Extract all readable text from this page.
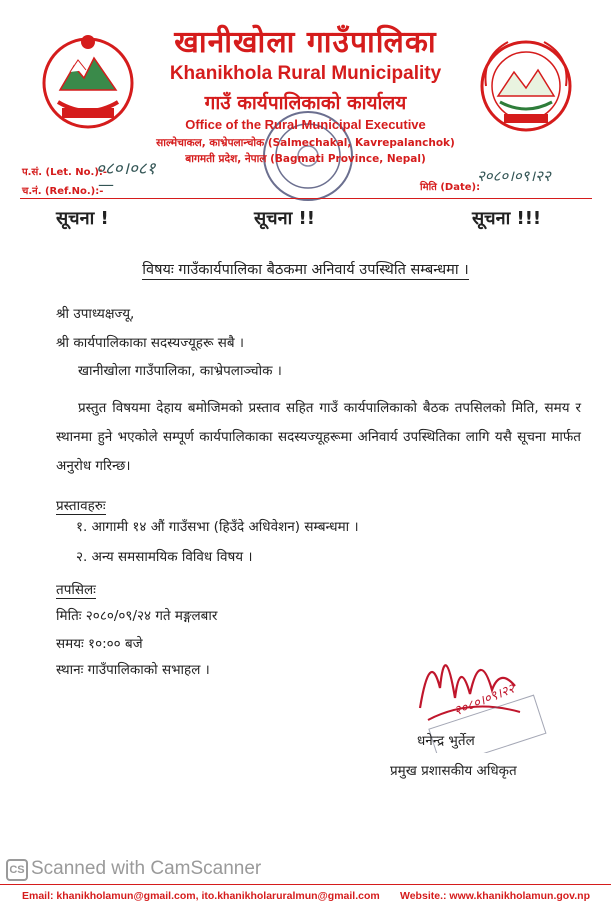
खानीखोला गाउँपालिका
Khanikhola Rural Municipality
गाउँ कार्यपालिकाको कार्यालय
Office of the Rural Municipal Executive
साल्मेचाकल, काभ्रेपलान्चोक (Salmechakal, Kavrepalanchok)
बागमती प्रदेश, नेपाल (Bagmati Province, Nepal)
प.सं. (Let. No.):-
०८०।०८१
च.नं. (Ref.No.):-
—	मिति (Date):
२०८०।०९।२२
सूचना !	सूचना !!	सूचना !!!
विषयः गाउँकार्यपालिका बैठकमा अनिवार्य उपस्थिति सम्बन्धमा ।
श्री उपाध्यक्षज्यू,
श्री कार्यपालिकाका सदस्यज्यूहरू सबै ।
खानीखोला गाउँपालिका, काभ्रेपलाञ्चोक ।
प्रस्तुत विषयमा देहाय बमोजिमको प्रस्ताव सहित गाउँ कार्यपालिकाको बैठक तपसिलको मिति, समय र स्थानमा हुने भएकोले सम्पूर्ण कार्यपालिकाका सदस्यज्यूहरूमा अनिवार्य उपस्थितिका लागि यसै सूचना मार्फत अनुरोध गरिन्छ।
प्रस्तावहरुः
१. आगामी १४ औं गाउँसभा (हिउँदे अधिवेशन) सम्बन्धमा ।
२. अन्य समसामयिक विविध विषय ।
तपसिलः
मितिः २०८०/०९/२४ गते मङ्गलबार
समयः १०:०० बजे
स्थानः गाउँपालिकाको सभाहल ।
२०८०।०९।२२
धनेन्द्र भुर्तेल
प्रमुख प्रशासकीय अधिकृत
CS Scanned with CamScanner
Email: khanikholamun@gmail.com, ito.khanikholaruralmun@gmail.com Website.: www.khanikholamun.gov.np
